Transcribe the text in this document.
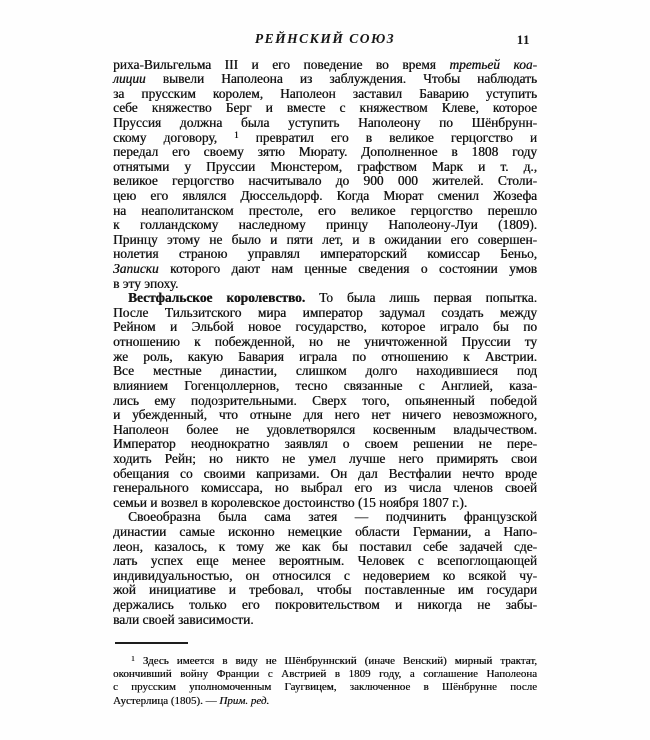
РЕЙНСКИЙ СОЮЗ	11
риха-Вильгельма III и его поведение во время третьей коа-
лиции вывели Наполеона из заблуждения. Чтобы наблюдать
за прусским королем, Наполеон заставил Баварию уступить
себе княжество Берг и вместе с княжеством Клеве, которое
Пруссия должна была уступить Наполеону по Шёнбрунн-
скому договору, $^1$ превратил его в великое герцогство и
передал его своему зятю Мюрату. Дополненное в 1808 году
отнятыми у Пруссии Мюнстером, графством Марк и т. д.,
великое герцогство насчитывало до 900 000 жителей. Столи-
цею его являлся Дюссельдорф. Когда Мюрат сменил Жозефа
на неаполитанском престоле, его великое герцогство перешло
к голландскому наследному принцу Наполеону-Луи (1809).
Принцу этому не было и пяти лет, и в ожидании его совершен-
нолетия страною управлял императорский комиссар Беньо,
Записки которого дают нам ценные сведения о состоянии умов
в эту эпоху.
Вестфальское королевство. То была лишь первая попытка.
После Тильзитского мира император задумал создать между
Рейном и Эльбой новое государство, которое играло бы по
отношению к побежденной, но не уничтоженной Пруссии ту
же роль, какую Бавария играла по отношению к Австрии.
Все местные династии, слишком долго находившиеся под
влиянием Гогенцоллернов, тесно связанные с Англией, каза-
лись ему подозрительными. Сверх того, опьяненный победой
и убежденный, что отныне для него нет ничего невозможного,
Наполеон более не удовлетворялся косвенным владычеством.
Император неоднократно заявлял о своем решении не пере-
ходить Рейн; но никто не умел лучше него примирять свои
обещания со своими капризами. Он дал Вестфалии нечто вроде
генерального комиссара, но выбрал его из числа членов своей
семьи и возвел в королевское достоинство (15 ноября 1807 г.).
Своеобразна была сама затея — подчинить французской
династии самые исконно немецкие области Германии, а Напо-
леон, казалось, к тому же как бы поставил себе задачей сде-
лать успех еще менее вероятным. Человек с всепоглощающей
индивидуальностью, он относился с недоверием ко всякой чу-
жой инициативе и требовал, чтобы поставленные им государи
держались только его покровительством и никогда не забы-
вали своей зависимости.
$^1$ Здесь имеется в виду не Шёнбруннский (иначе Венский) мирный трактат,
окончивший войну Франции с Австрией в 1809 году, а соглашение Наполеона
с прусским уполномоченным Гаугвицем, заключенное в Шёнбрунне после
Аустерлица (1805). — Прим. ред.
